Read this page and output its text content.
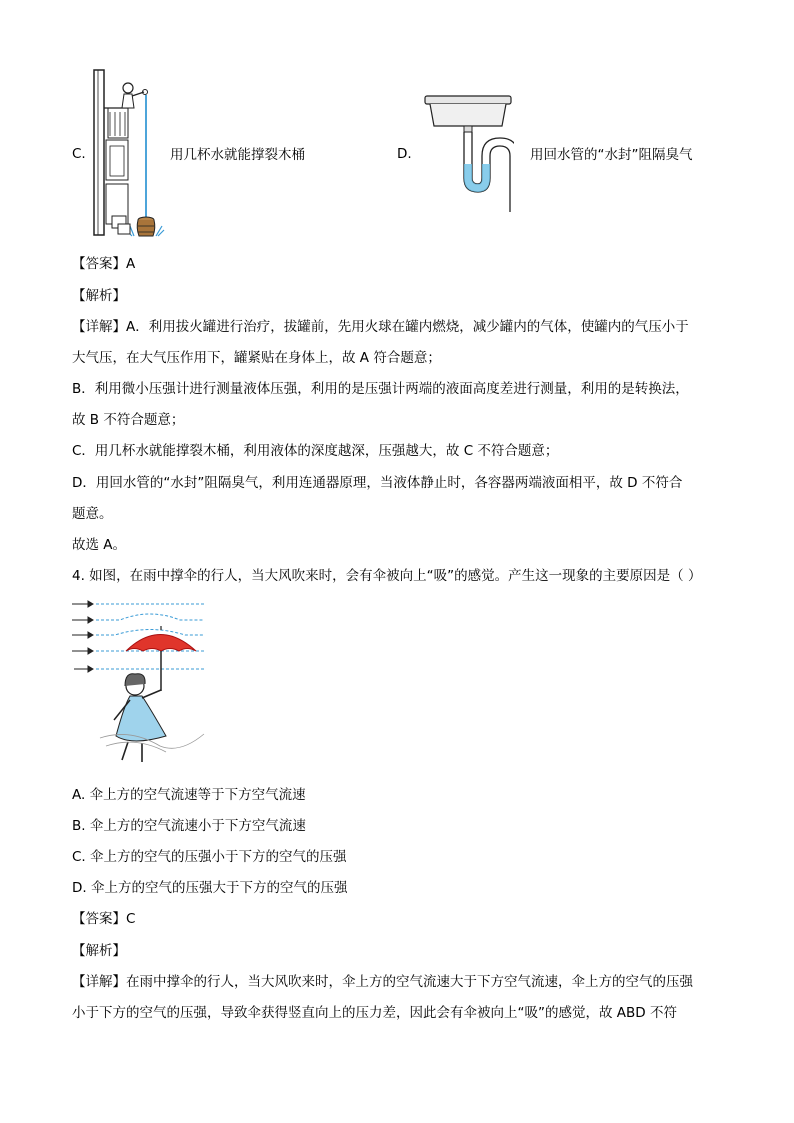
C.	用几杯水就能撑裂木桶	D.	用回水管的“水封”阻隔臭气
【答案】A
【解析】
【详解】A．利用拔火罐进行治疗，拔罐前，先用火球在罐内燃烧，减少罐内的气体，使罐内的气压小于
大气压，在大气压作用下，罐紧贴在身体上，故 A 符合题意；
B．利用微小压强计进行测量液体压强，利用的是压强计两端的液面高度差进行测量，利用的是转换法，
故 B 不符合题意；
C．用几杯水就能撑裂木桶，利用液体的深度越深，压强越大，故 C 不符合题意；
D．用回水管的“水封”阻隔臭气，利用连通器原理，当液体静止时，各容器两端液面相平，故 D 不符合
题意。
故选 A。
4. 如图，在雨中撑伞的行人，当大风吹来时，会有伞被向上“吸”的感觉。产生这一现象的主要原因是（ ）
A. 伞上方的空气流速等于下方空气流速
B. 伞上方的空气流速小于下方空气流速
C. 伞上方的空气的压强小于下方的空气的压强
D. 伞上方的空气的压强大于下方的空气的压强
【答案】C
【解析】
【详解】在雨中撑伞的行人，当大风吹来时，伞上方的空气流速大于下方空气流速，伞上方的空气的压强
小于下方的空气的压强，导致伞获得竖直向上的压力差，因此会有伞被向上“吸”的感觉，故 ABD 不符
